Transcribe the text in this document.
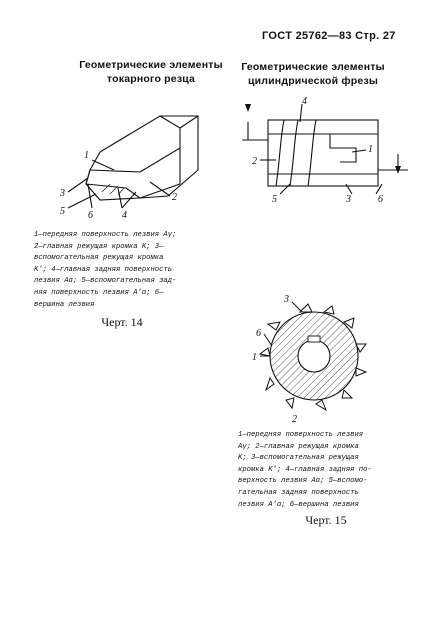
ГОСТ 25762—83 Стр. 27
Геометрические элементы
токарного резца
1
2
3
4
5 6

1—передняя поверхность лезвия Aγ;

2—главная режущая кромка K; 3—

вспомогательная режущая кромка

K'; 4—главная задняя поверхность

лезвия Aα; 5—вспомогательная зад-

няя поверхность лезвия A'α; 6—

вершина лезвия

Черт. 14
Геометрические элементы
цилиндрической фрезы
4
1
2
5	3	6
3
6
1
2

1—передняя поверхность лезвия

Aγ; 2—главная режущая кромка

K; 3—вспомогательная режущая

кромка K'; 4—главная задняя по-

верхность лезвия Aα; 5—вспомо-

гательная задняя поверхность

лезвия A'α; 6—вершина лезвия

Черт. 15
